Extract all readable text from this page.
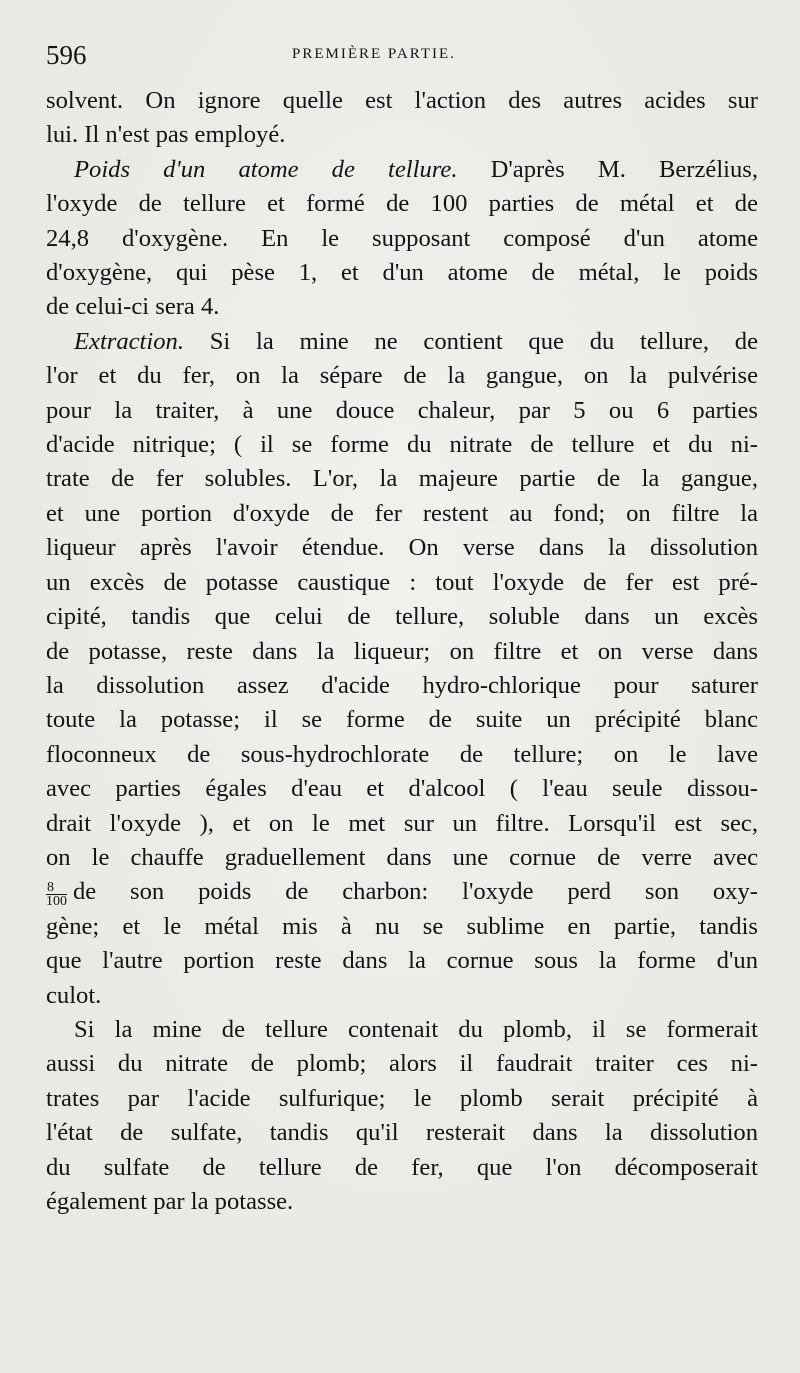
596	PREMIÈRE PARTIE.

solvent. On ignore quelle est l'action des autres acides sur
lui. Il n'est pas employé.

Poids d'un atome de tellure. D'après M. Berzélius,
l'oxyde de tellure et formé de 100 parties de métal et de
24,8 d'oxygène. En le supposant composé d'un atome
d'oxygène, qui pèse 1, et d'un atome de métal, le poids
de celui-ci sera 4.

Extraction. Si la mine ne contient que du tellure, de
l'or et du fer, on la sépare de la gangue, on la pulvérise
pour la traiter, à une douce chaleur, par 5 ou 6 parties
d'acide nitrique; ( il se forme du nitrate de tellure et du ni-
trate de fer solubles. L'or, la majeure partie de la gangue,
et une portion d'oxyde de fer restent au fond; on filtre la
liqueur après l'avoir étendue. On verse dans la dissolution
un excès de potasse caustique : tout l'oxyde de fer est pré-
cipité, tandis que celui de tellure, soluble dans un excès
de potasse, reste dans la liqueur; on filtre et on verse dans
la dissolution assez d'acide hydro-chlorique pour saturer
toute la potasse; il se forme de suite un précipité blanc
floconneux de sous-hydrochlorate de tellure; on le lave
avec parties égales d'eau et d'alcool ( l'eau seule dissou-
drait l'oxyde ), et on le met sur un filtre. Lorsqu'il est sec,
on le chauffe graduellement dans une cornue de verre avec
$\frac{8}{100}$ de son poids de charbon: l'oxyde perd son oxy-
gène; et le métal mis à nu se sublime en partie, tandis
que l'autre portion reste dans la cornue sous la forme d'un
culot.

Si la mine de tellure contenait du plomb, il se formerait
aussi du nitrate de plomb; alors il faudrait traiter ces ni-
trates par l'acide sulfurique; le plomb serait précipité à
l'état de sulfate, tandis qu'il resterait dans la dissolution
du sulfate de tellure de fer, que l'on décomposerait
également par la potasse.
